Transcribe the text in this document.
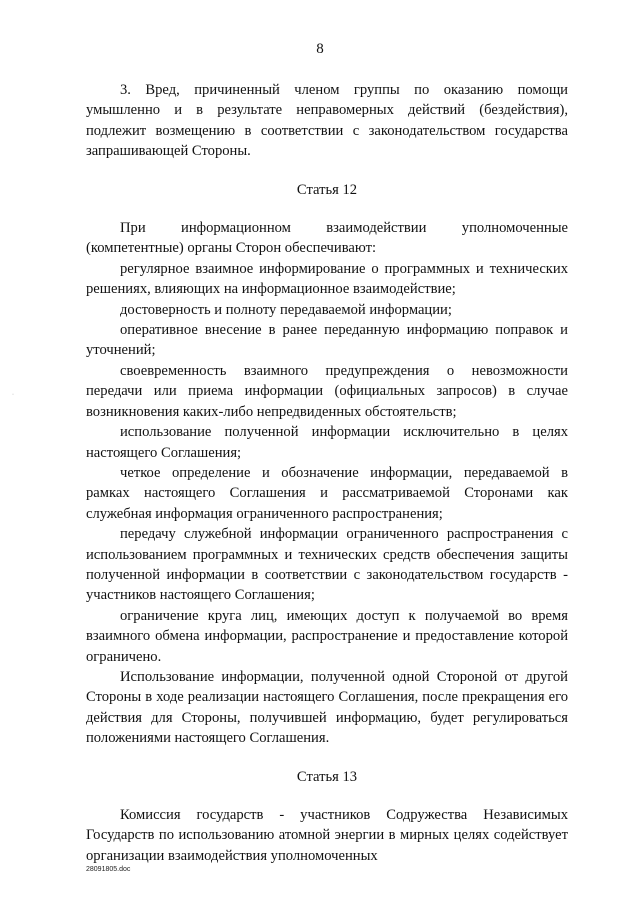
8

3. Вред, причиненный членом группы по оказанию помощи умышленно и в результате неправомерных действий (бездействия), подлежит возмещению в соответствии с законодательством государства запрашивающей Стороны.

Статья 12

При информационном взаимодействии уполномоченные (компетентные) органы Сторон обеспечивают:

регулярное взаимное информирование о программных и технических решениях, влияющих на информационное взаимодействие;

достоверность и полноту передаваемой информации;

оперативное внесение в ранее переданную информацию поправок и уточнений;

своевременность взаимного предупреждения о невозможности передачи или приема информации (официальных запросов) в случае возникновения каких-либо непредвиденных обстоятельств;

использование полученной информации исключительно в целях настоящего Соглашения;

четкое определение и обозначение информации, передаваемой в рамках настоящего Соглашения и рассматриваемой Сторонами как служебная информация ограниченного распространения;

передачу служебной информации ограниченного распространения с использованием программных и технических средств обеспечения защиты полученной информации в соответствии с законодательством государств - участников настоящего Соглашения;

ограничение круга лиц, имеющих доступ к получаемой во время взаимного обмена информации, распространение и предоставление которой ограничено.

Использование информации, полученной одной Стороной от другой Стороны в ходе реализации настоящего Соглашения, после прекращения его действия для Стороны, получившей информацию, будет регулироваться положениями настоящего Соглашения.

Статья 13

Комиссия государств - участников Содружества Независимых Государств по использованию атомной энергии в мирных целях содействует организации взаимодействия уполномоченных

·
28091805.doc
